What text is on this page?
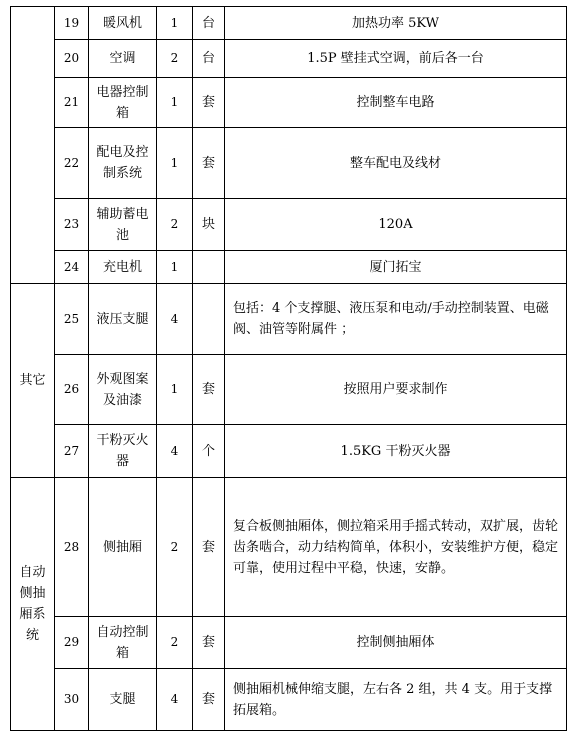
	19	暖风机	1	台	加热功率 5KW
	20	空调	2	台	1.5P 壁挂式空调，前后各一台
	21	电器控制箱	1	套	控制整车电路
	22	配电及控制系统	1	套	整车配电及线材
	23	辅助蓄电池	2	块	120A
	24	充电机	1		厦门拓宝
其它	25	液压支腿	4		包括：4 个支撑腿、液压泵和电动/手动控制装置、电磁阀、油管等附属件 ；
	26	外观图案及油漆	1	套	按照用户要求制作
	27	干粉灭火器	4	个	1.5KG 干粉灭火器
自动侧抽厢系统	28	侧抽厢	2	套	复合板侧抽厢体，侧拉箱采用手摇式转动，双扩展，齿轮齿条啮合，动力结构简单，体积小，安装维护方便，稳定可靠，使用过程中平稳，快速，安静。
	29	自动控制箱	2	套	控制侧抽厢体
	30	支腿	4	套	侧抽厢机械伸缩支腿，左右各 2 组，共 4 支。用于支撑拓展箱。
